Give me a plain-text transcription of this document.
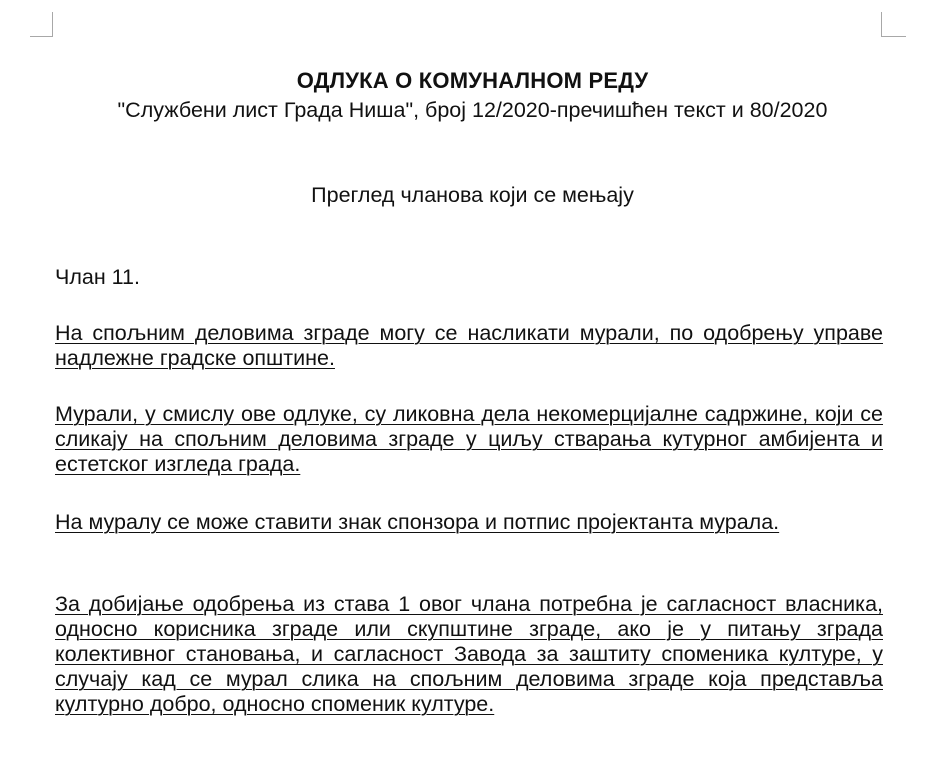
ОДЛУКА О КОМУНАЛНОМ РЕДУ
"Службени лист Града Ниша", број 12/2020-пречишћен текст и 80/2020
Преглед чланова који се мењају
Члан 11.
На спољним деловима зграде могу се насликати мурали, по одобрењу управе надлежне градске општине.
Мурали, у смислу ове одлуке, су ликовна дела некомерцијалне садржине, који се сликају на спољним деловима зграде у циљу стварања кутурног амбијента и естетског изгледа града.
На муралу се може ставити знак спонзора и потпис пројектанта мурала.
За добијање одобрења из става 1 овог члана потребна је сагласност власника, односно корисника зграде или скупштине зграде, ако је у питању зграда колективног становања, и сагласност Завода за заштиту споменика културе, у случају кад се мурал слика на спољним деловима зграде која представља културно добро, односно споменик културе.
